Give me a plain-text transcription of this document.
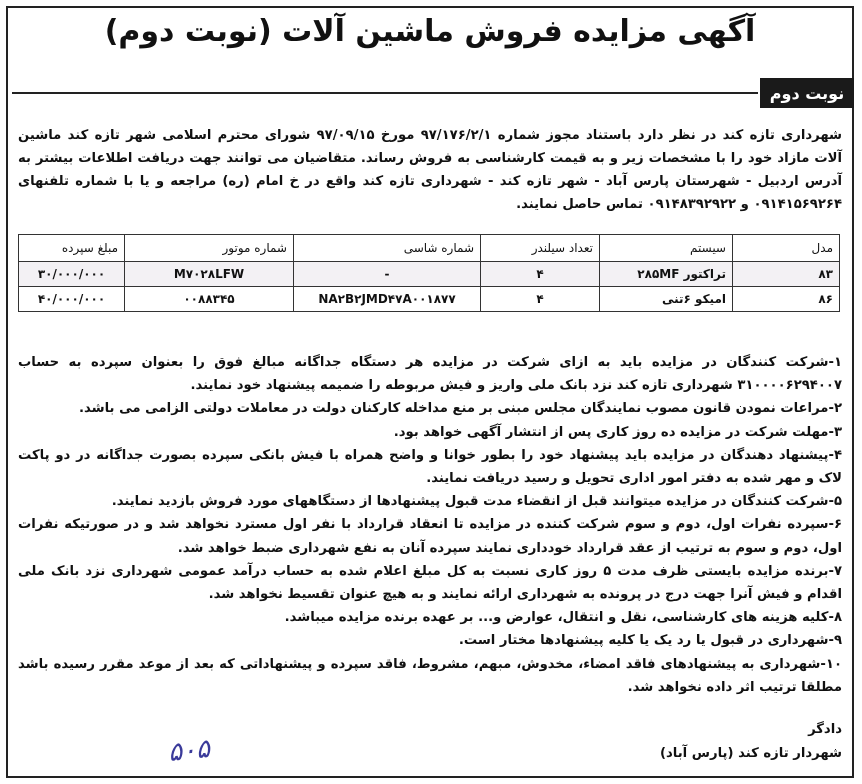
آگهی مزایده فروش ماشین آلات (نوبت دوم)
نوبت دوم

شهرداری تازه کند در نظر دارد باستناد مجوز شماره ۹۷/۱۷۶/۲/۱ مورخ ۹۷/۰۹/۱۵ شورای محترم اسلامی شهر تازه کند ماشین آلات مازاد خود را با مشخصات زیر و به قیمت کارشناسی به فروش رساند. متقاضیان می توانند جهت دریافت اطلاعات بیشتر به آدرس اردبیل - شهرستان پارس آباد - شهر تازه کند - شهرداری تازه کند واقع در خ امام (ره) مراجعه و یا با شماره تلفنهای ۰۹۱۴۱۵۶۹۲۶۴ و ۰۹۱۴۸۳۹۲۹۲۲ تماس حاصل نمایند.

مدل	سیستم	تعداد سیلندر	شماره شاسی	شماره موتور	مبلغ سپرده
۸۳	تراکتور ۲۸۵MF	۴	-	M۷۰۲۸LFW	۳۰/۰۰۰/۰۰۰
۸۶	امیکو ۶تنی	۴	NA۲B۲JMD۴۷A۰۰۱۸۷۷	۰۰۸۸۳۴۵	۴۰/۰۰۰/۰۰۰

۱-شرکت کنندگان در مزایده باید به ازای شرکت در مزایده هر دستگاه جداگانه مبالغ فوق را بعنوان سپرده به حساب ۳۱۰۰۰۰۶۲۹۴۰۰۷ شهرداری تازه کند نزد بانک ملی واریز و فیش مربوطه را ضمیمه پیشنهاد خود نمایند.

۲-مراعات نمودن قانون مصوب نمایندگان مجلس مبنی بر منع مداخله کارکنان دولت در معاملات دولتی الزامی می باشد.

۳-مهلت شرکت در مزایده ده روز کاری پس از انتشار آگهی خواهد بود.

۴-پیشنهاد دهندگان در مزایده باید پیشنهاد خود را بطور خوانا و واضح همراه با فیش بانکی سپرده بصورت جداگانه در دو پاکت لاک و مهر شده به دفتر امور اداری تحویل و رسید دریافت نمایند.

۵-شرکت کنندگان در مزایده میتوانند قبل از انقضاء مدت قبول پیشنهادها از دستگاههای مورد فروش بازدید نمایند.

۶-سپرده نفرات اول، دوم و سوم شرکت کننده در مزایده تا انعقاد قرارداد با نفر اول مسترد نخواهد شد و در صورتیکه نفرات اول، دوم و سوم به ترتیب از عقد قرارداد خودداری نمایند سپرده آنان به نفع شهرداری ضبط خواهد شد.

۷-برنده مزایده بایستی ظرف مدت ۵ روز کاری نسبت به کل مبلغ اعلام شده به حساب درآمد عمومی شهرداری نزد بانک ملی اقدام و فیش آنرا جهت درج در پرونده به شهرداری ارائه نمایند و به هیچ عنوان تقسیط نخواهد شد.

۸-کلیه هزینه های کارشناسی، نقل و انتقال، عوارض و... بر عهده برنده مزایده میباشد.

۹-شهرداری در قبول یا رد یک یا کلیه پیشنهادها مختار است.

۱۰-شهرداری به پیشنهادهای فاقد امضاء، مخدوش، مبهم، مشروط، فاقد سپرده و پیشنهاداتی که بعد از موعد مقرر رسیده باشد مطلقا ترتیب اثر داده نخواهد شد.

دادگر
شهردار تازه کند (پارس آباد)
۵۰۵
